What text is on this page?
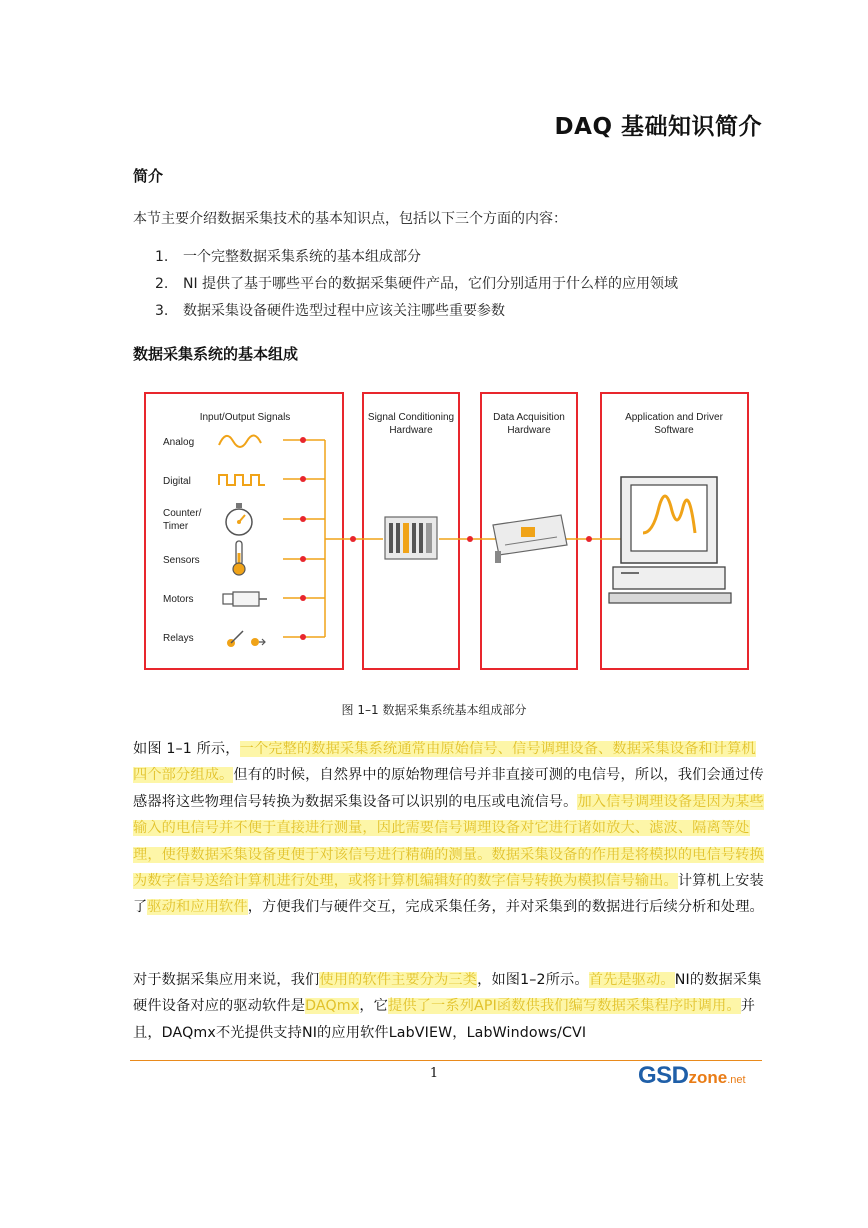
DAQ 基础知识简介
简介
本节主要介绍数据采集技术的基本知识点，包括以下三个方面的内容：
1. 一个完整数据采集系统的基本组成部分
2. NI 提供了基于哪些平台的数据采集硬件产品，它们分别适用于什么样的应用领域
3. 数据采集设备硬件选型过程中应该关注哪些重要参数
数据采集系统的基本组成
Input/Output Signals	Signal Conditioning
Hardware
Data Acquisition
Hardware
Application and Driver
Software
Analog
Digital
Counter/
Timer
Sensors
Motors
Relays
图 1–1 数据采集系统基本组成部分
如图 1–1 所示，一个完整的数据采集系统通常由原始信号、信号调理设备、数据采集设备和计算机四个部分组成。但有的时候，自然界中的原始物理信号并非直接可测的电信号，所以，我们会通过传感器将这些物理信号转换为数据采集设备可以识别的电压或电流信号。加入信号调理设备是因为某些输入的电信号并不便于直接进行测量，因此需要信号调理设备对它进行诸如放大、滤波、隔离等处理，使得数据采集设备更便于对该信号进行精确的测量。数据采集设备的作用是将模拟的电信号转换为数字信号送给计算机进行处理，或将计算机编辑好的数字信号转换为模拟信号输出。计算机上安装了驱动和应用软件，方便我们与硬件交互，完成采集任务，并对采集到的数据进行后续分析和处理。
对于数据采集应用来说，我们使用的软件主要分为三类，如图1–2所示。首先是驱动。NI的数据采集硬件设备对应的驱动软件是DAQmx，它提供了一系列API函数供我们编写数据采集程序时调用。并且，DAQmx不光提供支持NI的应用软件LabVIEW，LabWindows/CVI
1	GSDzone.net
